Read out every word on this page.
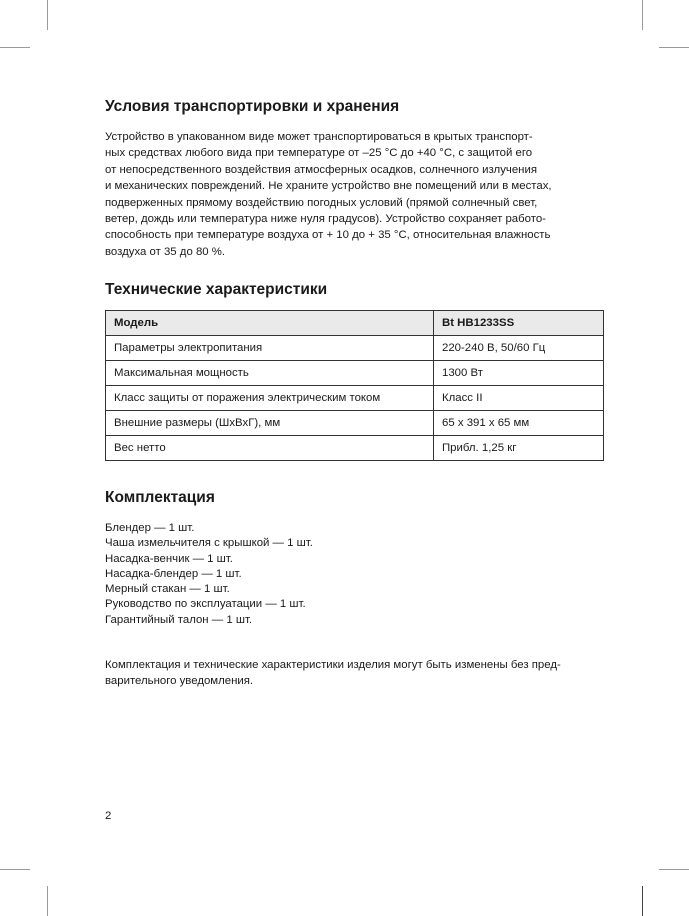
Условия транспортировки и хранения
Устройство в упакованном виде может транспортироваться в крытых транспорт-
ных средствах любого вида при температуре от –25 °C до +40 °C, с защитой его
от непосредственного воздействия атмосферных осадков, солнечного излучения
и механических повреждений. Не храните устройство вне помещений или в местах,
подверженных прямому воздействию погодных условий (прямой солнечный свет,
ветер, дождь или температура ниже нуля градусов). Устройство сохраняет работо-
способность при температуре воздуха от + 10 до + 35 °C, относительная влажность
воздуха от 35 до 80 %.
Технические характеристики
Модель	Bt HB1233SS
Параметры электропитания	220-240 В, 50/60 Гц
Максимальная мощность	1300 Вт
Класс защиты от поражения электрическим током	Класс II
Внешние размеры (ШхВхГ), мм	65 х 391 х 65 мм
Вес нетто	Прибл. 1,25 кг
Комплектация
Блендер — 1 шт.
Чаша измельчителя с крышкой — 1 шт.
Насадка-венчик — 1 шт.
Насадка-блендер — 1 шт.
Мерный стакан — 1 шт.
Руководство по эксплуатации — 1 шт.
Гарантийный талон — 1 шт.
Комплектация и технические характеристики изделия могут быть изменены без пред-
варительного уведомления.
2
